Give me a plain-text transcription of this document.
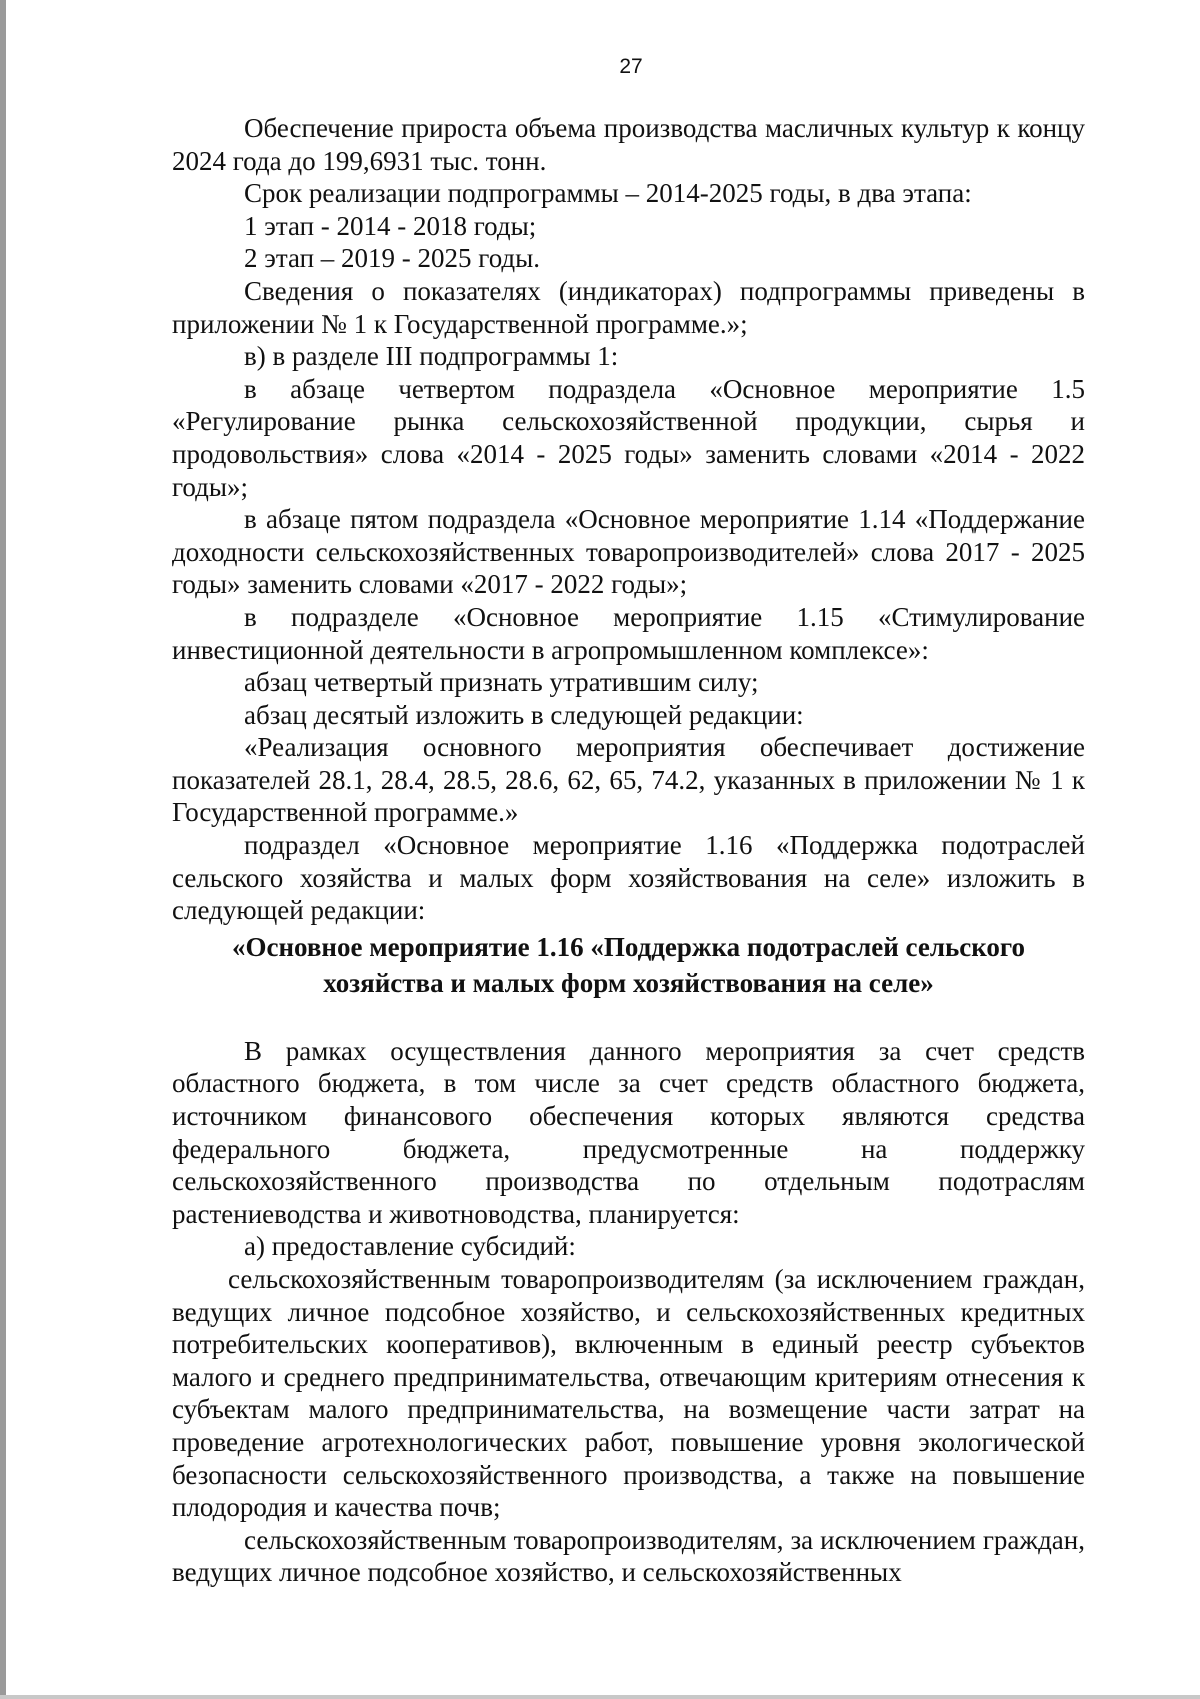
27

Обеспечение прироста объема производства масличных культур к концу 2024 года до 199,6931 тыс. тонн.

Срок реализации подпрограммы – 2014-2025 годы, в два этапа:

1 этап - 2014 - 2018 годы;

2 этап – 2019 - 2025 годы.

Сведения о показателях (индикаторах) подпрограммы приведены в приложении № 1 к Государственной программе.»;

в) в разделе III подпрограммы 1:

в абзаце четвертом подраздела «Основное мероприятие 1.5 «Регулирование рынка сельскохозяйственной продукции, сырья и продовольствия» слова «2014 - 2025 годы» заменить словами «2014 - 2022 годы»;

в абзаце пятом подраздела «Основное мероприятие 1.14 «Поддержание доходности сельскохозяйственных товаропроизводителей» слова 2017 - 2025 годы» заменить словами «2017 - 2022 годы»;

в подразделе «Основное мероприятие 1.15 «Стимулирование инвестиционной деятельности в агропромышленном комплексе»:

абзац четвертый признать утратившим силу;

абзац десятый изложить в следующей редакции:

«Реализация основного мероприятия обеспечивает достижение показателей 28.1, 28.4, 28.5, 28.6, 62, 65, 74.2, указанных в приложении № 1 к Государственной программе.»

подраздел «Основное мероприятие 1.16 «Поддержка подотраслей сельского хозяйства и малых форм хозяйствования на селе» изложить в следующей редакции:

«Основное мероприятие 1.16 «Поддержка подотраслей сельского
хозяйства и малых форм хозяйствования на селе»

В рамках осуществления данного мероприятия за счет средств областного бюджета, в том числе за счет средств областного бюджета, источником финансового обеспечения которых являются средства федерального бюджета, предусмотренные на поддержку сельскохозяйственного производства по отдельным подотраслям растениеводства и животноводства, планируется:

а) предоставление субсидий:

сельскохозяйственным товаропроизводителям (за исключением граждан, ведущих личное подсобное хозяйство, и сельскохозяйственных кредитных потребительских кооперативов), включенным в единый реестр субъектов малого и среднего предпринимательства, отвечающим критериям отнесения к субъектам малого предпринимательства, на возмещение части затрат на проведение агротехнологических работ, повышение уровня экологической безопасности сельскохозяйственного производства, а также на повышение плодородия и качества почв;

сельскохозяйственным товаропроизводителям, за исключением граждан, ведущих личное подсобное хозяйство, и сельскохозяйственных
